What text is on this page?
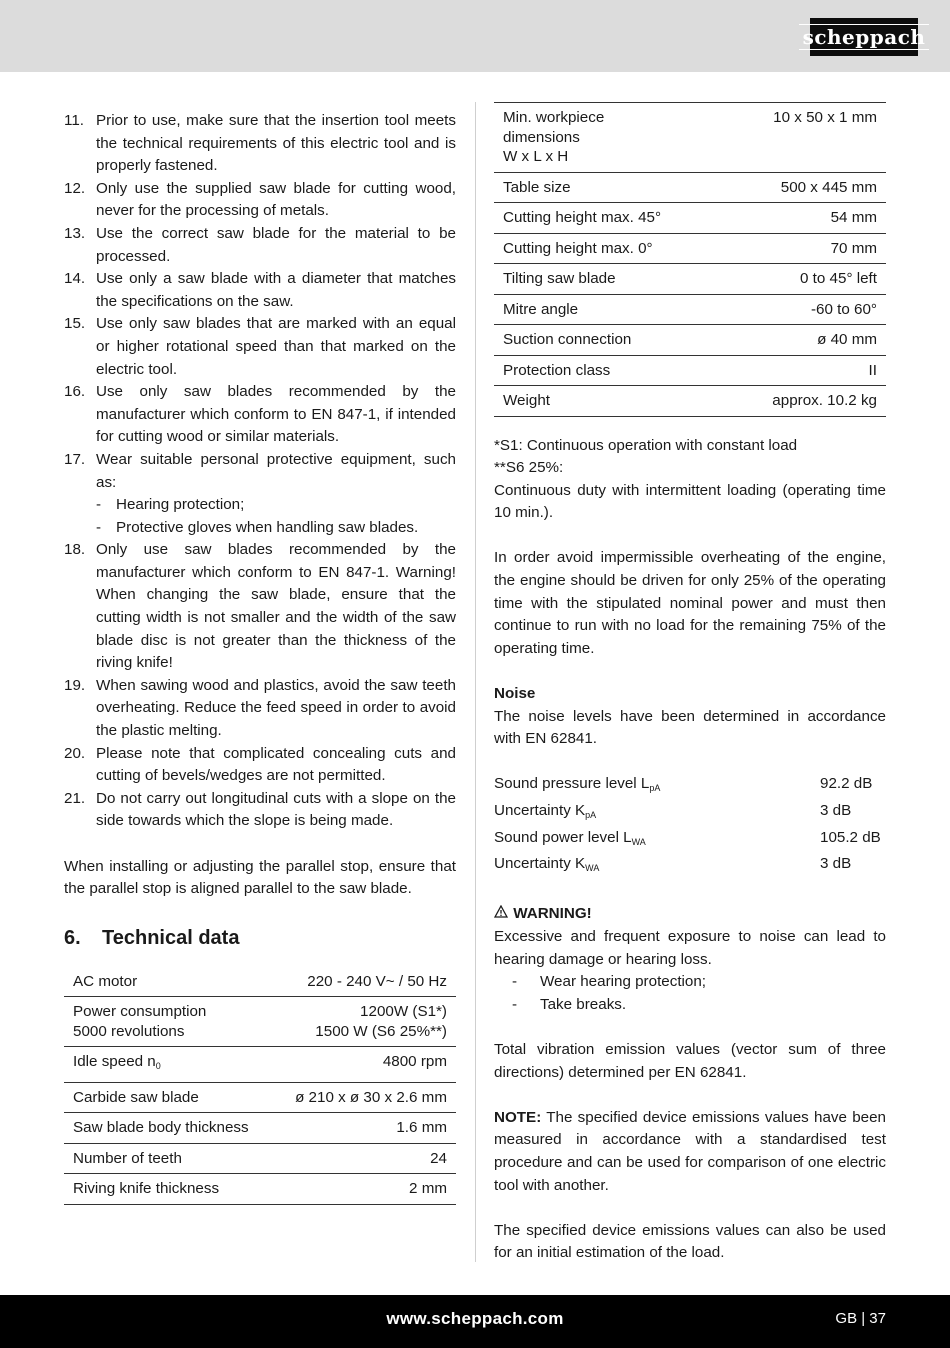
scheppach
11. Prior to use, make sure that the insertion tool meets the technical requirements of this electric tool and is properly fastened.
12. Only use the supplied saw blade for cutting wood, never for the processing of metals.
13. Use the correct saw blade for the material to be processed.
14. Use only a saw blade with a diameter that matches the specifications on the saw.
15. Use only saw blades that are marked with an equal or higher rotational speed than that marked on the electric tool.
16. Use only saw blades recommended by the manufacturer which conform to EN 847-1, if intended for cutting wood or similar materials.
17. Wear suitable personal protective equipment, such as:
- Hearing protection;
- Protective gloves when handling saw blades.
18. Only use saw blades recommended by the manufacturer which conform to EN 847-1. Warning! When changing the saw blade, ensure that the cutting width is not smaller and the width of the saw blade disc is not greater than the thickness of the riving knife!
19. When sawing wood and plastics, avoid the saw teeth overheating. Reduce the feed speed in order to avoid the plastic melting.
20. Please note that complicated concealing cuts and cutting of bevels/wedges are not permitted.
21. Do not carry out longitudinal cuts with a slope on the side towards which the slope is being made.

When installing or adjusting the parallel stop, ensure that the parallel stop is aligned parallel to the saw blade.

6. Technical data
AC motor	220 - 240 V~ / 50 Hz
Power consumption
5000 revolutions	1200W (S1*)
1500 W (S6 25%**)
Idle speed n0	4800 rpm
Carbide saw blade	ø 210 x ø 30 x 2.6 mm
Saw blade body thickness	1.6 mm
Number of teeth	24
Riving knife thickness	2 mm
Min. workpiece
dimensions
W x L x H	10 x 50 x 1 mm
Table size	500 x 445 mm
Cutting height max. 45°	54 mm
Cutting height max. 0°	70 mm
Tilting saw blade	0 to 45° left
Mitre angle	-60 to 60°
Suction connection	ø 40 mm
Protection class	II
Weight	approx. 10.2 kg
*S1: Continuous operation with constant load
**S6 25%:

Continuous duty with intermittent loading (operating time 10 min.).

In order avoid impermissible overheating of the engine, the engine should be driven for only 25% of the operating time with the stipulated nominal power and must then continue to run with no load for the remaining 75% of the operating time.

Noise

The noise levels have been determined in accordance with EN 62841.

Sound pressure level LpA	92.2 dB
Uncertainty KpA	3 dB
Sound power level LWA	105.2 dB
Uncertainty KWA	3 dB
WARNING!

Excessive and frequent exposure to noise can lead to hearing damage or hearing loss.

- Wear hearing protection;
- Take breaks.

Total vibration emission values (vector sum of three directions) determined per EN 62841.

NOTE: The specified device emissions values have been measured in accordance with a standardised test procedure and can be used for comparison of one electric tool with another.

The specified device emissions values can also be used for an initial estimation of the load.

www.scheppach.com	GB | 37
